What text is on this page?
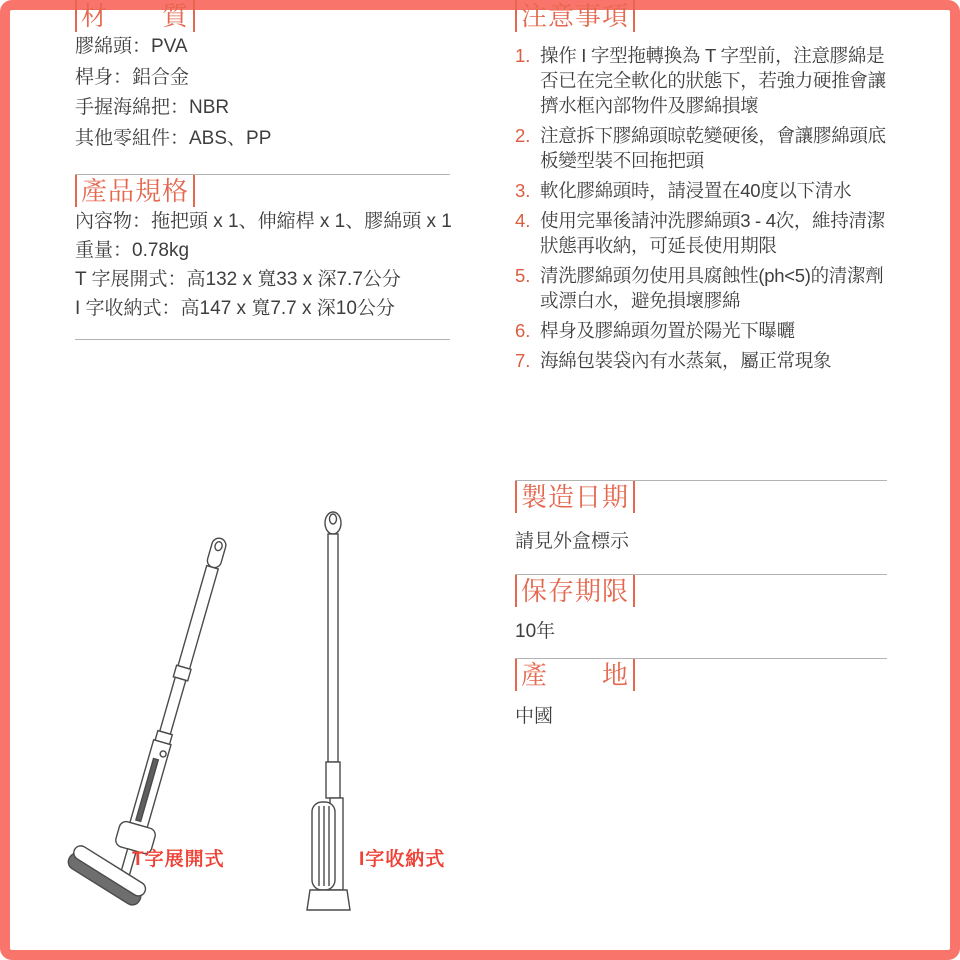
材　　質
膠綿頭：PVA
桿身：鋁合金
手握海綿把：NBR
其他零組件：ABS、PP
產品規格
內容物：拖把頭 x 1、伸縮桿 x 1、膠綿頭 x 1
重量：0.78kg
T 字展開式：高132 x 寬33 x 深7.7公分
I 字收納式：高147 x 寬7.7 x 深10公分
T字展開式	I字收納式
注意事項
1. 操作 I 字型拖轉換為 T 字型前，注意膠綿是否已在完全軟化的狀態下，若強力硬推會讓擠水框內部物件及膠綿損壞
2. 注意拆下膠綿頭晾乾變硬後，會讓膠綿頭底板變型裝不回拖把頭
3. 軟化膠綿頭時，請浸置在40度以下清水
4. 使用完畢後請沖洗膠綿頭3 - 4次，維持清潔狀態再收納，可延長使用期限
5. 清洗膠綿頭勿使用具腐蝕性(ph<5)的清潔劑或漂白水，避免損壞膠綿
6. 桿身及膠綿頭勿置於陽光下曝曬
7. 海綿包裝袋內有水蒸氣，屬正常現象
製造日期

請見外盒標示

保存期限

10年

產　　地

中國
